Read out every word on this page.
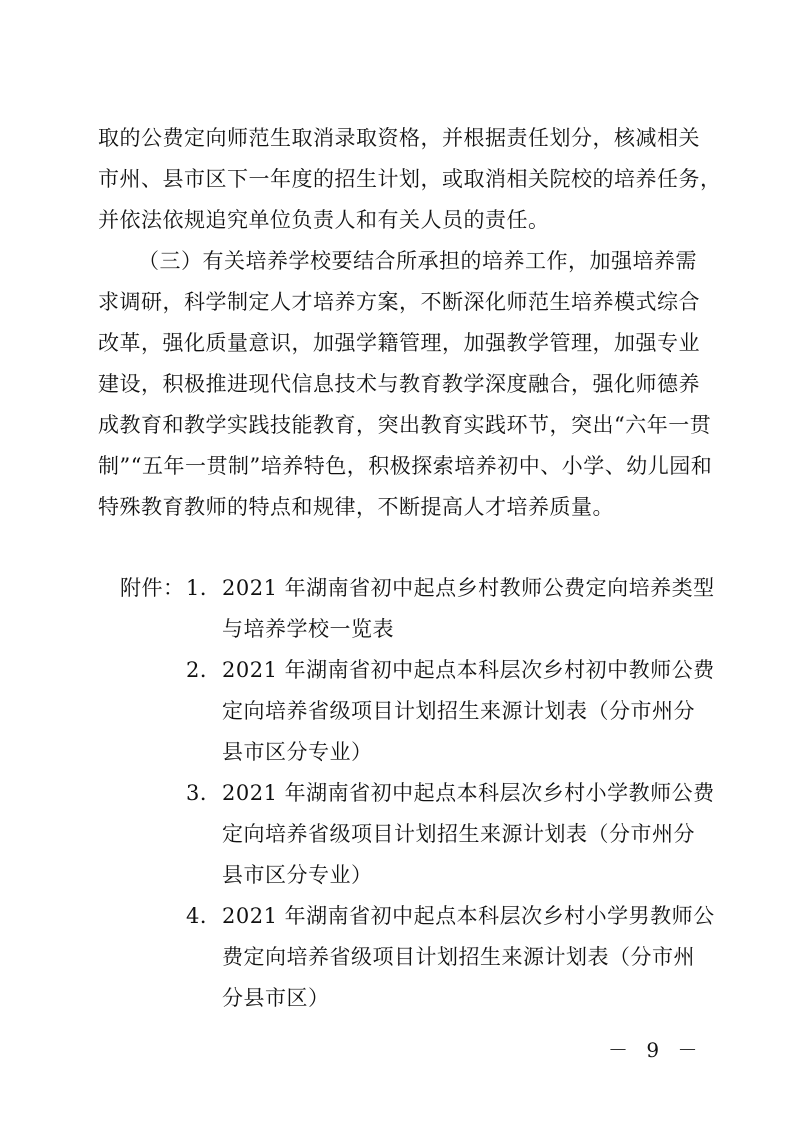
取的公费定向师范生取消录取资格，并根据责任划分，核减相关
市州、县市区下一年度的招生计划，或取消相关院校的培养任务，
并依法依规追究单位负责人和有关人员的责任。
（三）有关培养学校要结合所承担的培养工作，加强培养需
求调研，科学制定人才培养方案，不断深化师范生培养模式综合
改革，强化质量意识，加强学籍管理，加强教学管理，加强专业
建设，积极推进现代信息技术与教育教学深度融合，强化师德养
成教育和教学实践技能教育，突出教育实践环节，突出“六年一贯
制”“五年一贯制”培养特色，积极探索培养初中、小学、幼儿园和
特殊教育教师的特点和规律，不断提高人才培养质量。
附件： 1． 2021 年湖南省初中起点乡村教师公费定向培养类型
与培养学校一览表
2． 2021 年湖南省初中起点本科层次乡村初中教师公费
定向培养省级项目计划招生来源计划表（分市州分
县市区分专业）
3． 2021 年湖南省初中起点本科层次乡村小学教师公费
定向培养省级项目计划招生来源计划表（分市州分
县市区分专业）
4． 2021 年湖南省初中起点本科层次乡村小学男教师公
费定向培养省级项目计划招生来源计划表（分市州
分县市区）
－ 9 －
